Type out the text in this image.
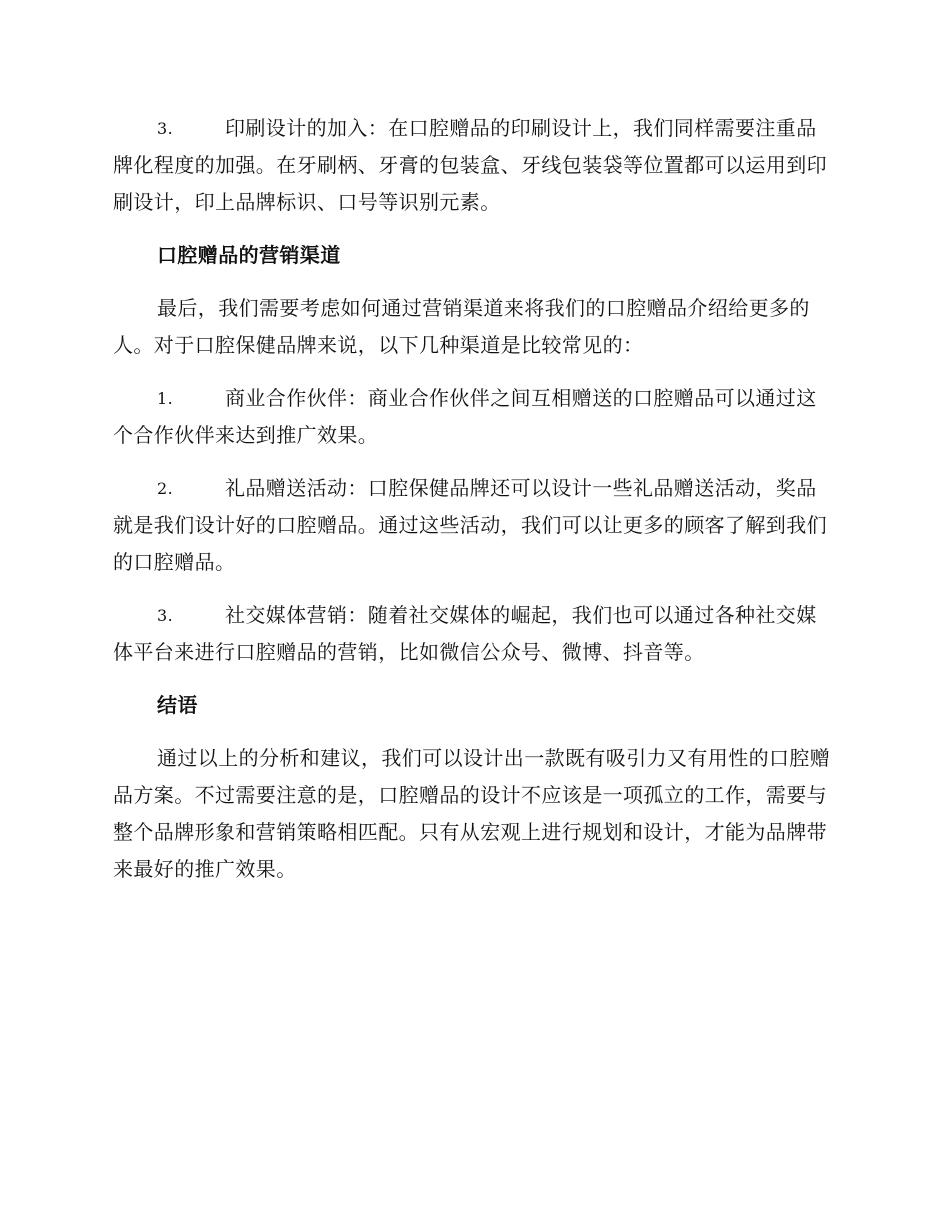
3.	印刷设计的加入：在口腔赠品的印刷设计上，我们同样需要注重品牌化程度的加强。在牙刷柄、牙膏的包装盒、牙线包装袋等位置都可以运用到印刷设计，印上品牌标识、口号等识别元素。
口腔赠品的营销渠道
最后，我们需要考虑如何通过营销渠道来将我们的口腔赠品介绍给更多的人。对于口腔保健品牌来说，以下几种渠道是比较常见的：
1.	商业合作伙伴：商业合作伙伴之间互相赠送的口腔赠品可以通过这个合作伙伴来达到推广效果。
2.	礼品赠送活动：口腔保健品牌还可以设计一些礼品赠送活动，奖品就是我们设计好的口腔赠品。通过这些活动，我们可以让更多的顾客了解到我们的口腔赠品。
3.	社交媒体营销：随着社交媒体的崛起，我们也可以通过各种社交媒体平台来进行口腔赠品的营销，比如微信公众号、微博、抖音等。
结语
通过以上的分析和建议，我们可以设计出一款既有吸引力又有用性的口腔赠品方案。不过需要注意的是，口腔赠品的设计不应该是一项孤立的工作，需要与整个品牌形象和营销策略相匹配。只有从宏观上进行规划和设计，才能为品牌带来最好的推广效果。
